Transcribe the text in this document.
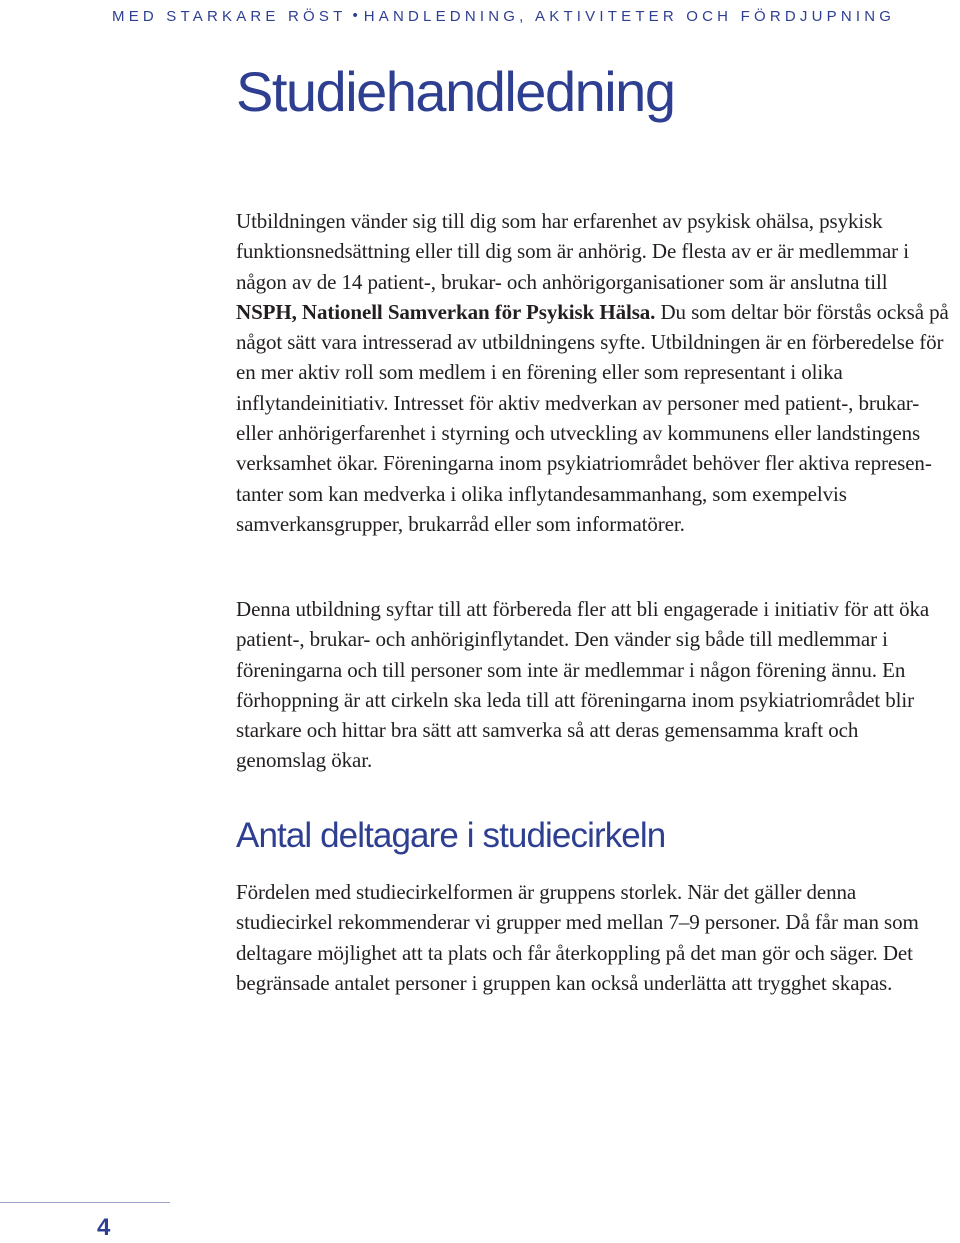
MED STARKARE RÖST • HANDLEDNING, AKTIVITETER OCH FÖRDJUPNING
Studiehandledning

Utbildningen vänder sig till dig som har erfarenhet av psykisk ohälsa, psykisk funktionsnedsättning eller till dig som är anhörig. De flesta av er är medlemmar i någon av de 14 patient-, brukar- och anhörigorganisationer som är anslutna till NSPH, Nationell Samverkan för Psykisk Hälsa. Du som deltar bör förstås också på något sätt vara intresserad av utbildningens syfte. Utbildningen är en förberedelse för en mer aktiv roll som medlem i en förening eller som representant i olika inflytandeinitiativ. Intresset för aktiv medverkan av personer med patient-, brukar- eller anhörigerfarenhet i styrning och utveckling av kommunens eller landstingens verksamhet ökar. Föreningarna inom psykiatriområdet behöver fler aktiva representanter som kan medverka i olika inflytandesammanhang, som exempelvis samverkansgrupper, brukarråd eller som informatörer.

Denna utbildning syftar till att förbereda fler att bli engagerade i initiativ för att öka patient-, brukar- och anhöriginflytandet. Den vänder sig både till medlemmar i föreningarna och till personer som inte är medlemmar i någon förening ännu. En förhoppning är att cirkeln ska leda till att föreningarna inom psykiatriområdet blir starkare och hittar bra sätt att samverka så att deras gemensamma kraft och genomslag ökar.

Antal deltagare i studiecirkeln

Fördelen med studiecirkelformen är gruppens storlek. När det gäller denna studiecirkel rekommenderar vi grupper med mellan 7–9 personer. Då får man som deltagare möjlighet att ta plats och får återkoppling på det man gör och säger. Det begränsade antalet personer i gruppen kan också underlätta att trygghet skapas.

4
